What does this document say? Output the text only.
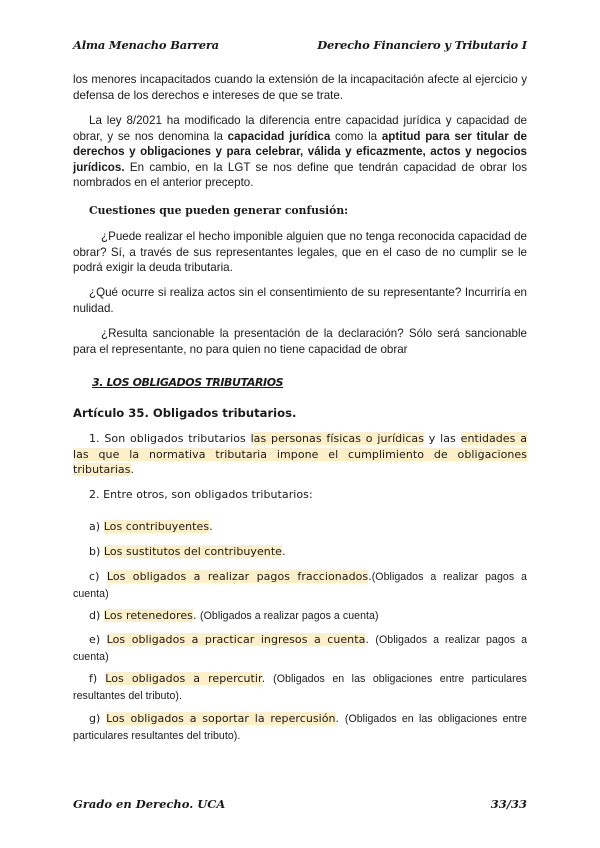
Alma Menacho Barrera	Derecho Financiero y Tributario I

los menores incapacitados cuando la extensión de la incapacitación afecte al ejercicio y defensa de los derechos e intereses de que se trate.

La ley 8/2021 ha modificado la diferencia entre capacidad jurídica y capacidad de obrar, y se nos denomina la capacidad jurídica como la aptitud para ser titular de derechos y obligaciones y para celebrar, válida y eficazmente, actos y negocios jurídicos. En cambio, en la LGT se nos define que tendrán capacidad de obrar los nombrados en el anterior precepto.

Cuestiones que pueden generar confusión:

¿Puede realizar el hecho imponible alguien que no tenga reconocida capacidad de obrar? Sí, a través de sus representantes legales, que en el caso de no cumplir se le podrá exigir la deuda tributaria.

¿Qué ocurre si realiza actos sin el consentimiento de su representante? Incurriría en nulidad.

¿Resulta sancionable la presentación de la declaración? Sólo será sancionable para el representante, no para quien no tiene capacidad de obrar

3. LOS OBLIGADOS TRIBUTARIOS
Artículo 35. Obligados tributarios.

1. Son obligados tributarios las personas físicas o jurídicas y las entidades a las que la normativa tributaria impone el cumplimiento de obligaciones tributarias.

2. Entre otros, son obligados tributarios:

a) Los contribuyentes.

b) Los sustitutos del contribuyente.

c) Los obligados a realizar pagos fraccionados.(Obligados a realizar pagos a cuenta)

d) Los retenedores. (Obligados a realizar pagos a cuenta)

e) Los obligados a practicar ingresos a cuenta. (Obligados a realizar pagos a cuenta)

f) Los obligados a repercutir. (Obligados en las obligaciones entre particulares resultantes del tributo).

g) Los obligados a soportar la repercusión. (Obligados en las obligaciones entre particulares resultantes del tributo).

Grado en Derecho. UCA	33/33
